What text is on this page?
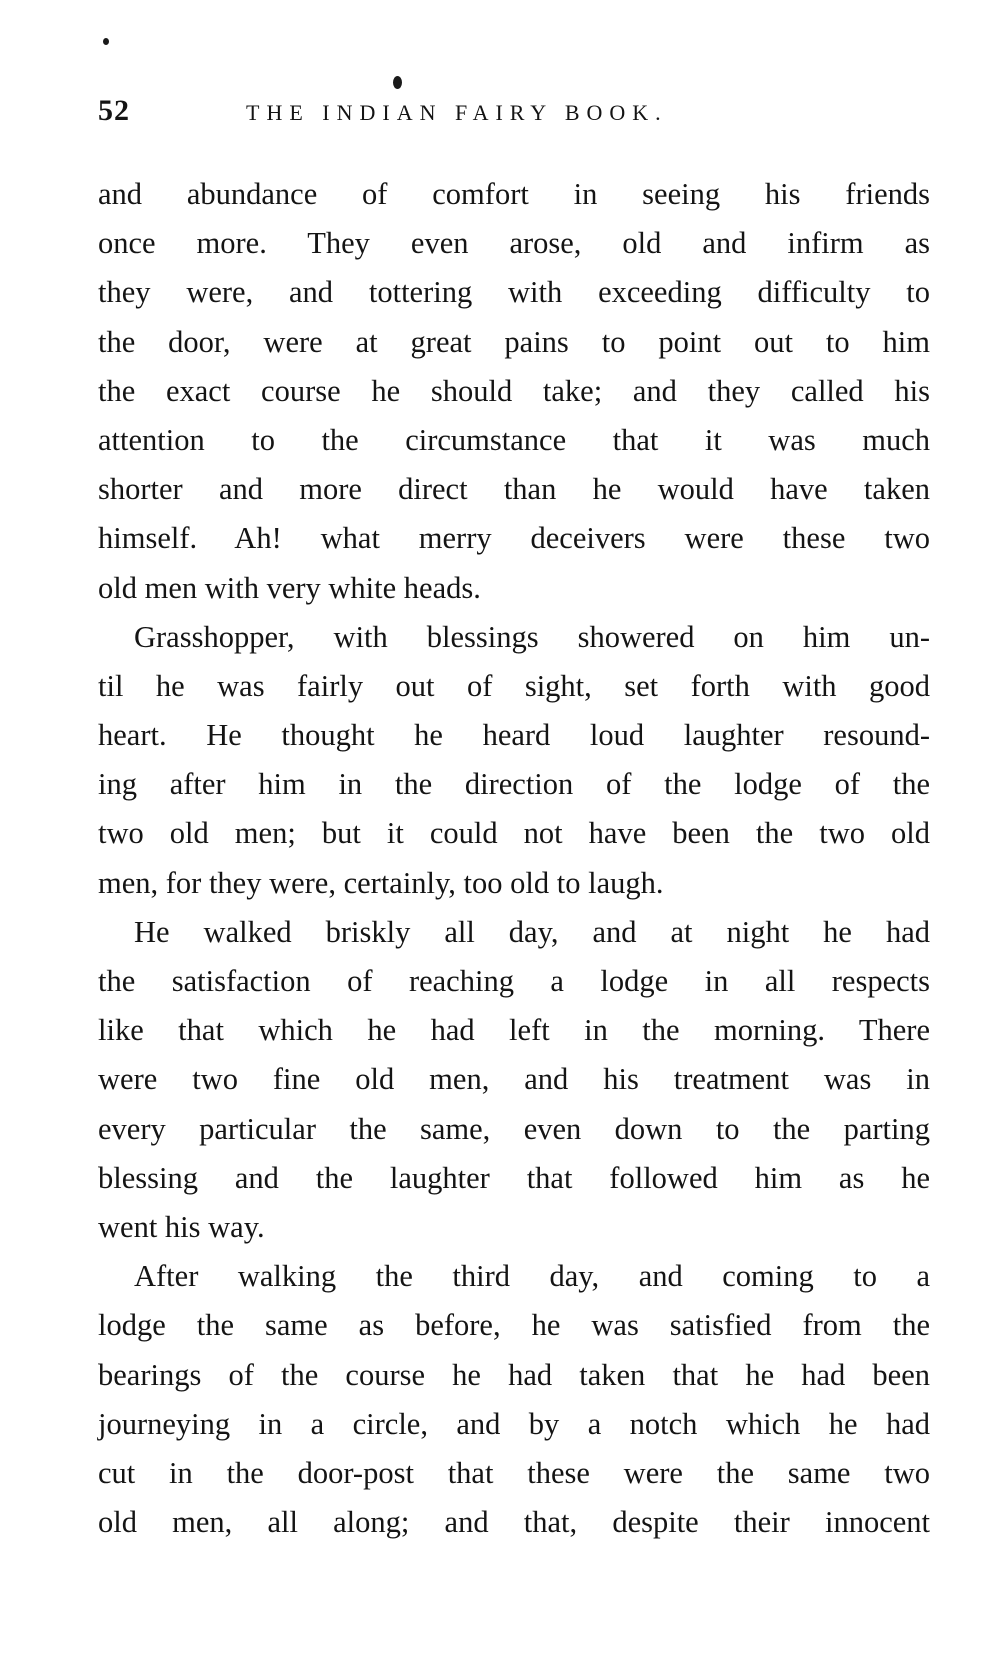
52	THE INDIAN FAIRY BOOK.

and abundance of comfort in seeing his friends
once more. They even arose, old and infirm as
they were, and tottering with exceeding difficulty to
the door, were at great pains to point out to him
the exact course he should take; and they called his
attention to the circumstance that it was much
shorter and more direct than he would have taken
himself. Ah! what merry deceivers were these two
old men with very white heads.

Grasshopper, with blessings showered on him un-
til he was fairly out of sight, set forth with good
heart. He thought he heard loud laughter resound-
ing after him in the direction of the lodge of the
two old men; but it could not have been the two old
men, for they were, certainly, too old to laugh.

He walked briskly all day, and at night he had
the satisfaction of reaching a lodge in all respects
like that which he had left in the morning. There
were two fine old men, and his treatment was in
every particular the same, even down to the parting
blessing and the laughter that followed him as he
went his way.

After walking the third day, and coming to a
lodge the same as before, he was satisfied from the
bearings of the course he had taken that he had been
journeying in a circle, and by a notch which he had
cut in the door-post that these were the same two
old men, all along; and that, despite their innocent
